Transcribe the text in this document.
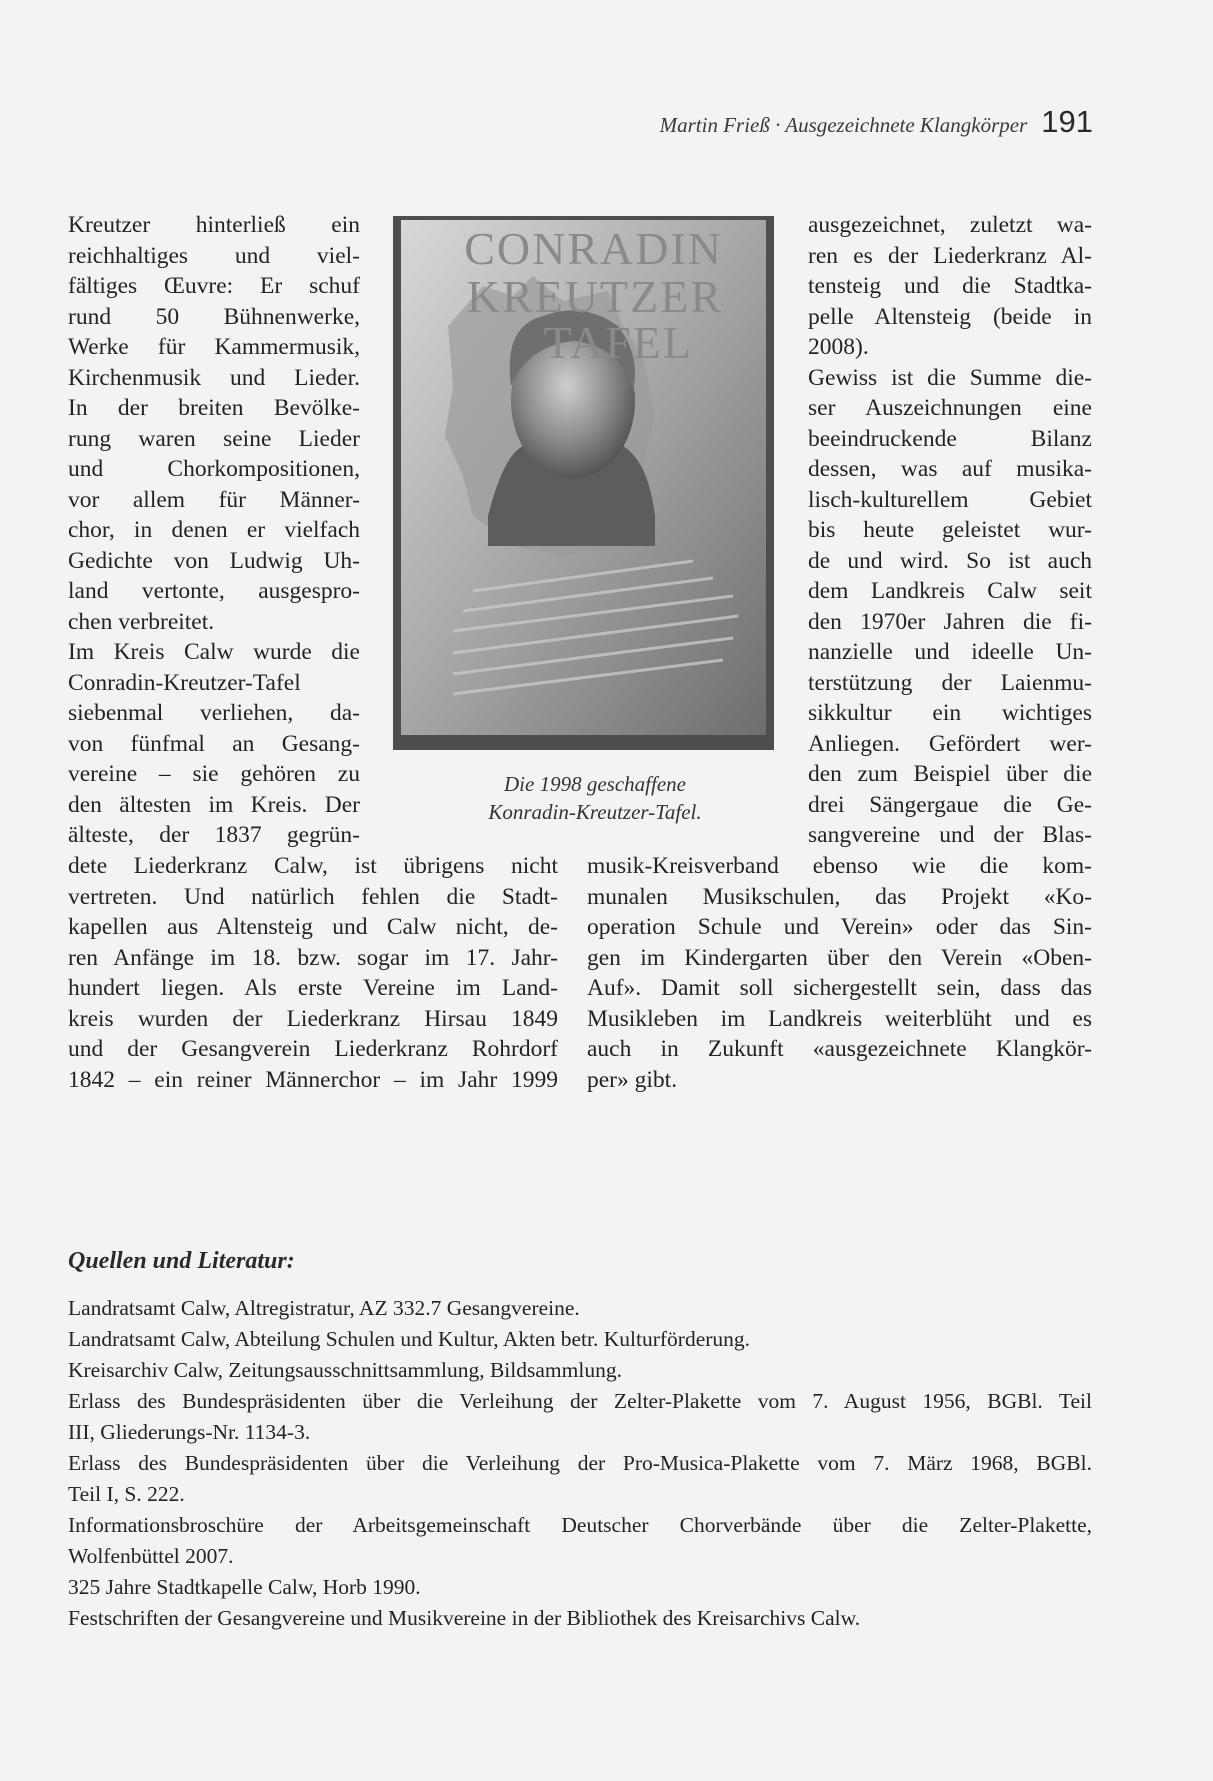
Martin Frieß · Ausgezeichnete Klangkörper 191
Kreutzer hinterließ ein
reichhaltiges und viel-
fältiges Œuvre: Er schuf
rund 50 Bühnenwerke,
Werke für Kammermusik,
Kirchenmusik und Lieder.
In der breiten Bevölke-
rung waren seine Lieder
und Chorkompositionen,
vor allem für Männer-
chor, in denen er vielfach
Gedichte von Ludwig Uh-
land vertonte, ausgespro-
chen verbreitet.
Im Kreis Calw wurde die
Conradin-Kreutzer-Tafel
siebenmal verliehen, da-
von fünfmal an Gesang-
vereine – sie gehören zu
den ältesten im Kreis. Der
älteste, der 1837 gegrün-
ausgezeichnet, zuletzt wa-
ren es der Liederkranz Al-
tensteig und die Stadtka-
pelle Altensteig (beide in
2008).
Gewiss ist die Summe die-
ser Auszeichnungen eine
beeindruckende Bilanz
dessen, was auf musika-
lisch-kulturellem Gebiet
bis heute geleistet wur-
de und wird. So ist auch
dem Landkreis Calw seit
den 1970er Jahren die fi-
nanzielle und ideelle Un-
terstützung der Laienmu-
sikkultur ein wichtiges
Anliegen. Gefördert wer-
den zum Beispiel über die
drei Sängergaue die Ge-
sangvereine und der Blas-
dete Liederkranz Calw, ist übrigens nicht
vertreten. Und natürlich fehlen die Stadt-
kapellen aus Altensteig und Calw nicht, de-
ren Anfänge im 18. bzw. sogar im 17. Jahr-
hundert liegen. Als erste Vereine im Land-
kreis wurden der Liederkranz Hirsau 1849
und der Gesangverein Liederkranz Rohrdorf
1842 – ein reiner Männerchor – im Jahr 1999
musik-Kreisverband ebenso wie die kom-
munalen Musikschulen, das Projekt «Ko-
operation Schule und Verein» oder das Sin-
gen im Kindergarten über den Verein «Oben-
Auf». Damit soll sichergestellt sein, dass das
Musikleben im Landkreis weiterblüht und es
auch in Zukunft «ausgezeichnete Klangkör-
per» gibt.
CONRADIN
KREUTZER
TAFEL
Die 1998 geschaffene
Konradin-Kreutzer-Tafel.

Quellen und Literatur:

Landratsamt Calw, Altregistratur, AZ 332.7 Gesangvereine.

Landratsamt Calw, Abteilung Schulen und Kultur, Akten betr. Kulturförderung.

Kreisarchiv Calw, Zeitungsausschnittsammlung, Bildsammlung.

Erlass des Bundespräsidenten über die Verleihung der Zelter-Plakette vom 7. August 1956, BGBl. Teil
III, Gliederungs-Nr. 1134-3.

Erlass des Bundespräsidenten über die Verleihung der Pro-Musica-Plakette vom 7. März 1968, BGBl.
Teil I, S. 222.

Informationsbroschüre der Arbeitsgemeinschaft Deutscher Chorverbände über die Zelter-Plakette,
Wolfenbüttel 2007.

325 Jahre Stadtkapelle Calw, Horb 1990.

Festschriften der Gesangvereine und Musikvereine in der Bibliothek des Kreisarchivs Calw.
